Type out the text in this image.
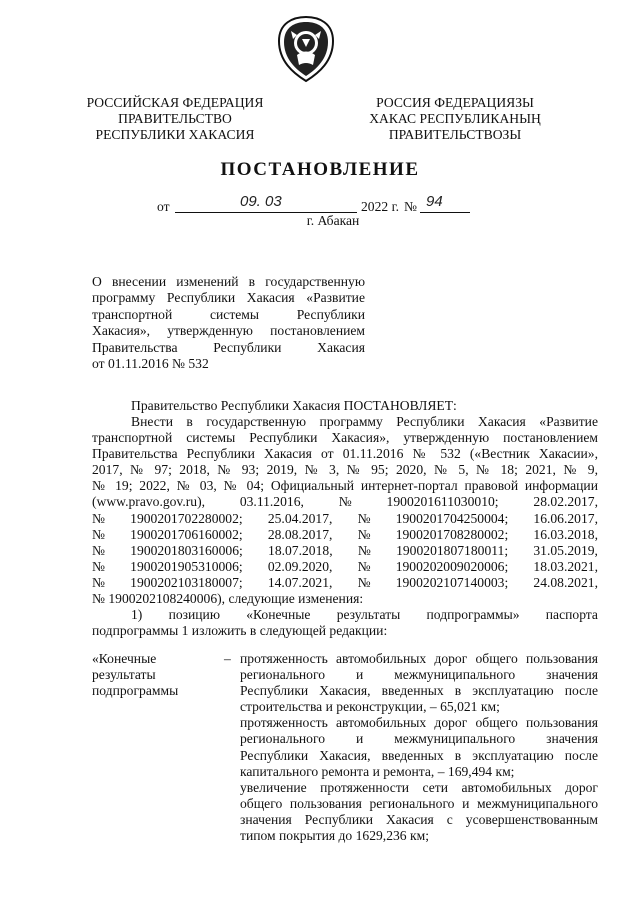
РОССИЙСКАЯ ФЕДЕРАЦИЯ
ПРАВИТЕЛЬСТВО
РЕСПУБЛИКИ ХАКАСИЯ
РОССИЯ ФЕДЕРАЦИЯЗЫ
ХАКАС РЕСПУБЛИКАНЫҢ
ПРАВИТЕЛЬСТВОЗЫ
ПОСТАНОВЛЕНИЕ
от	09. 03	2022 г. № 94
г. Абакан
О внесении изменений в государственную
программу Республики Хакасия «Развитие
транспортной системы Республики
Хакасия», утвержденную постановлением
Правительства Республики Хакасия
от 01.11.2016 № 532
Правительство Республики Хакасия ПОСТАНОВЛЯЕТ:
Внести в государственную программу Республики Хакасия «Развитие
транспортной системы Республики Хакасия», утвержденную постановлением
Правительства Республики Хакасия от 01.11.2016 № 532 («Вестник Хакасии»,
2017, № 97; 2018, № 93; 2019, № 3, № 95; 2020, № 5, № 18; 2021, № 9,
№ 19; 2022, № 03, № 04; Официальный интернет-портал правовой информации
(www.pravo.gov.ru),	03.11.2016,	№	1900201611030010;	28.02.2017,
№ 1900201702280002; 25.04.2017, № 1900201704250004; 16.06.2017,
№ 1900201706160002; 28.08.2017, № 1900201708280002; 16.03.2018,
№ 1900201803160006; 18.07.2018, № 1900201807180011; 31.05.2019,
№ 1900201905310006; 02.09.2020, № 1900202009020006; 18.03.2021,
№ 1900202103180007; 14.07.2021, № 1900202107140003; 24.08.2021,
№ 1900202108240006), следующие изменения:
1) позицию «Конечные результаты подпрограммы» паспорта
подпрограммы 1 изложить в следующей редакции:
«Конечные
результаты
подпрограммы
– протяженность автомобильных дорог общего пользования
регионального и межмуниципального значения
Республики Хакасия, введенных в эксплуатацию после
строительства и реконструкции, – 65,021 км;
протяженность автомобильных дорог общего пользования
регионального и межмуниципального значения
Республики Хакасия, введенных в эксплуатацию после
капитального ремонта и ремонта, – 169,494 км;
увеличение протяженности сети автомобильных дорог
общего пользования регионального и межмуниципального
значения Республики Хакасия с усовершенствованным
типом покрытия до 1629,236 км;
